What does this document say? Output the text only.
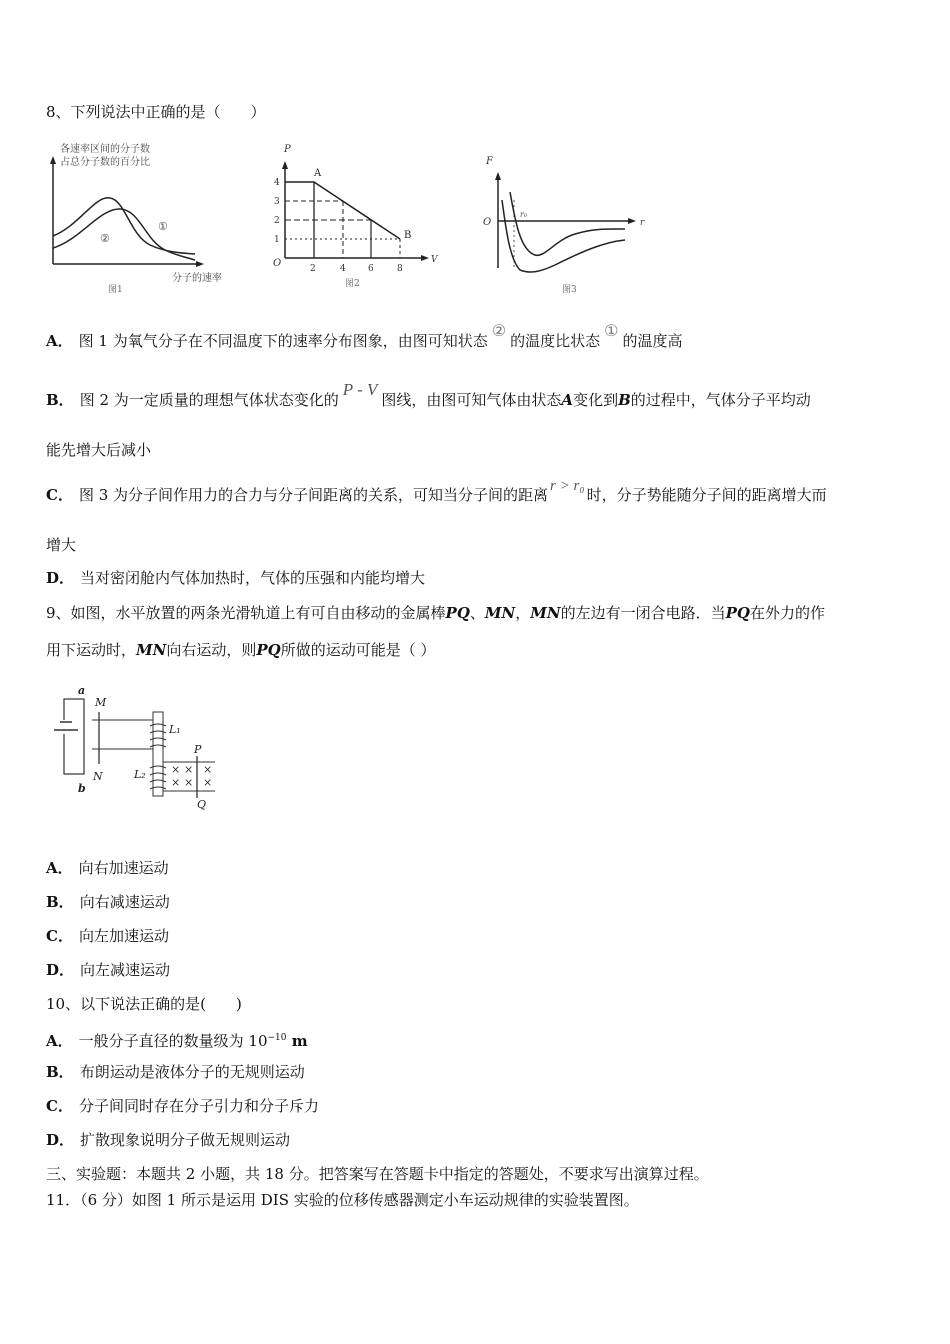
8、下列说法中正确的是（　　）
各速率区间的分子数
占总分子数的百分比
①
②
分子的速率
图1
P
V
O
4
3
2
1
2	4 6	8
A
B
图2
F
r
O
r₀
图3
A． 图 1 为氧气分子在不同温度下的速率分布图象，由图可知状态②的温度比状态①的温度高
B． 图 2 为一定质量的理想气体状态变化的P - V图线，由图可知气体由状态A变化到B的过程中，气体分子平均动
能先增大后减小
C． 图 3 为分子间作用力的合力与分子间距离的关系，可知当分子间的距离 r > r₀ 时，分子势能随分子间的距离增大而
增大
D． 当对密闭舱内气体加热时，气体的压强和内能均增大
9、如图，水平放置的两条光滑轨道上有可自由移动的金属棒PQ、MN，MN的左边有一闭合电路．当PQ在外力的作
用下运动时，MN向右运动，则PQ所做的运动可能是（ ）
a
b
M
N
L₁
L₂
P
Q
× × ×
× × ×
A． 向右加速运动
B． 向右减速运动
C． 向左加速运动
D． 向左减速运动
10、以下说法正确的是(　　)
A． 一般分子直径的数量级为 $10^{-10}$ m
B． 布朗运动是液体分子的无规则运动
C． 分子间同时存在分子引力和分子斥力
D． 扩散现象说明分子做无规则运动
三、实验题：本题共 2 小题，共 18 分。把答案写在答题卡中指定的答题处，不要求写出演算过程。
11．（6 分）如图 1 所示是运用 DIS 实验的位移传感器测定小车运动规律的实验装置图。
